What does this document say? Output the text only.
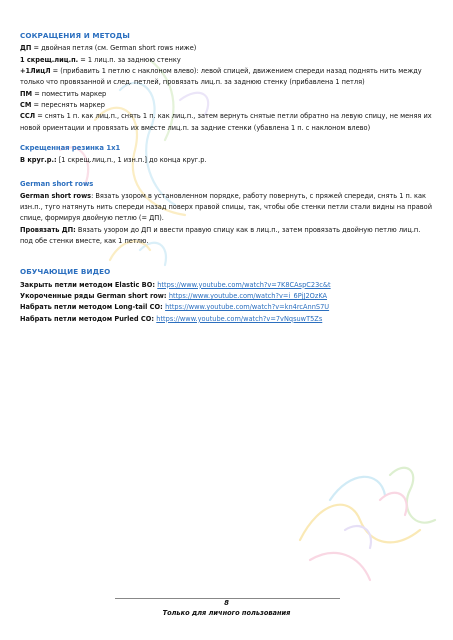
СОКРАЩЕНИЯ И МЕТОДЫ

ДП = двойная петля (см. German short rows ниже)

1 скрещ.лиц.п. = 1 лиц.п. за заднюю стенку

+1ЛицЛ = (прибавить 1 петлю с наклоном влево): левой спицей, движением спереди назад поднять нить между только что провязанной и след. петлей, провязать лиц.п. за заднюю стенку (прибавлена 1 петля)

ПМ = поместить маркер

СМ = переснять маркер

ССЛ = снять 1 п. как лиц.п., снять 1 п. как лиц.п., затем вернуть снятые петли обратно на левую спицу, не меняя их новой ориентации и провязать их вместе лиц.п. за задние стенки (убавлена 1 п. с наклоном влево)

Скрещенная резинка 1х1

В круг.р.: [1 скрещ.лиц.п., 1 изн.п.] до конца круг.р.

German short rows

German short rows: Вязать узором в установленном порядке, работу повернуть, с пряжей спереди, снять 1 п. как изн.п., туго натянуть нить спереди назад поверх правой спицы, так, чтобы обе стенки петли стали видны на правой спице, формируя двойную петлю (= ДП).

Провязать ДП: Вязать узором до ДП и ввести правую спицу как в лиц.п., затем провязать двойную петлю лиц.п. под обе стенки вместе, как 1 петлю.

ОБУЧАЮЩИЕ ВИДЕО

Закрыть петли методом Elastic BO: https://www.youtube.com/watch?v=7K8CAspC23c&t

Укороченные ряды German short row: https://www.youtube.com/watch?v=i_6PjJ2OzKA

Набрать петли методом Long-tail CO: https://www.youtube.com/watch?v=kn4rcAnnS7U

Набрать петли методом Purled CO: https://www.youtube.com/watch?v=7vNqsuwT5Zs

8
Только для личного пользования
